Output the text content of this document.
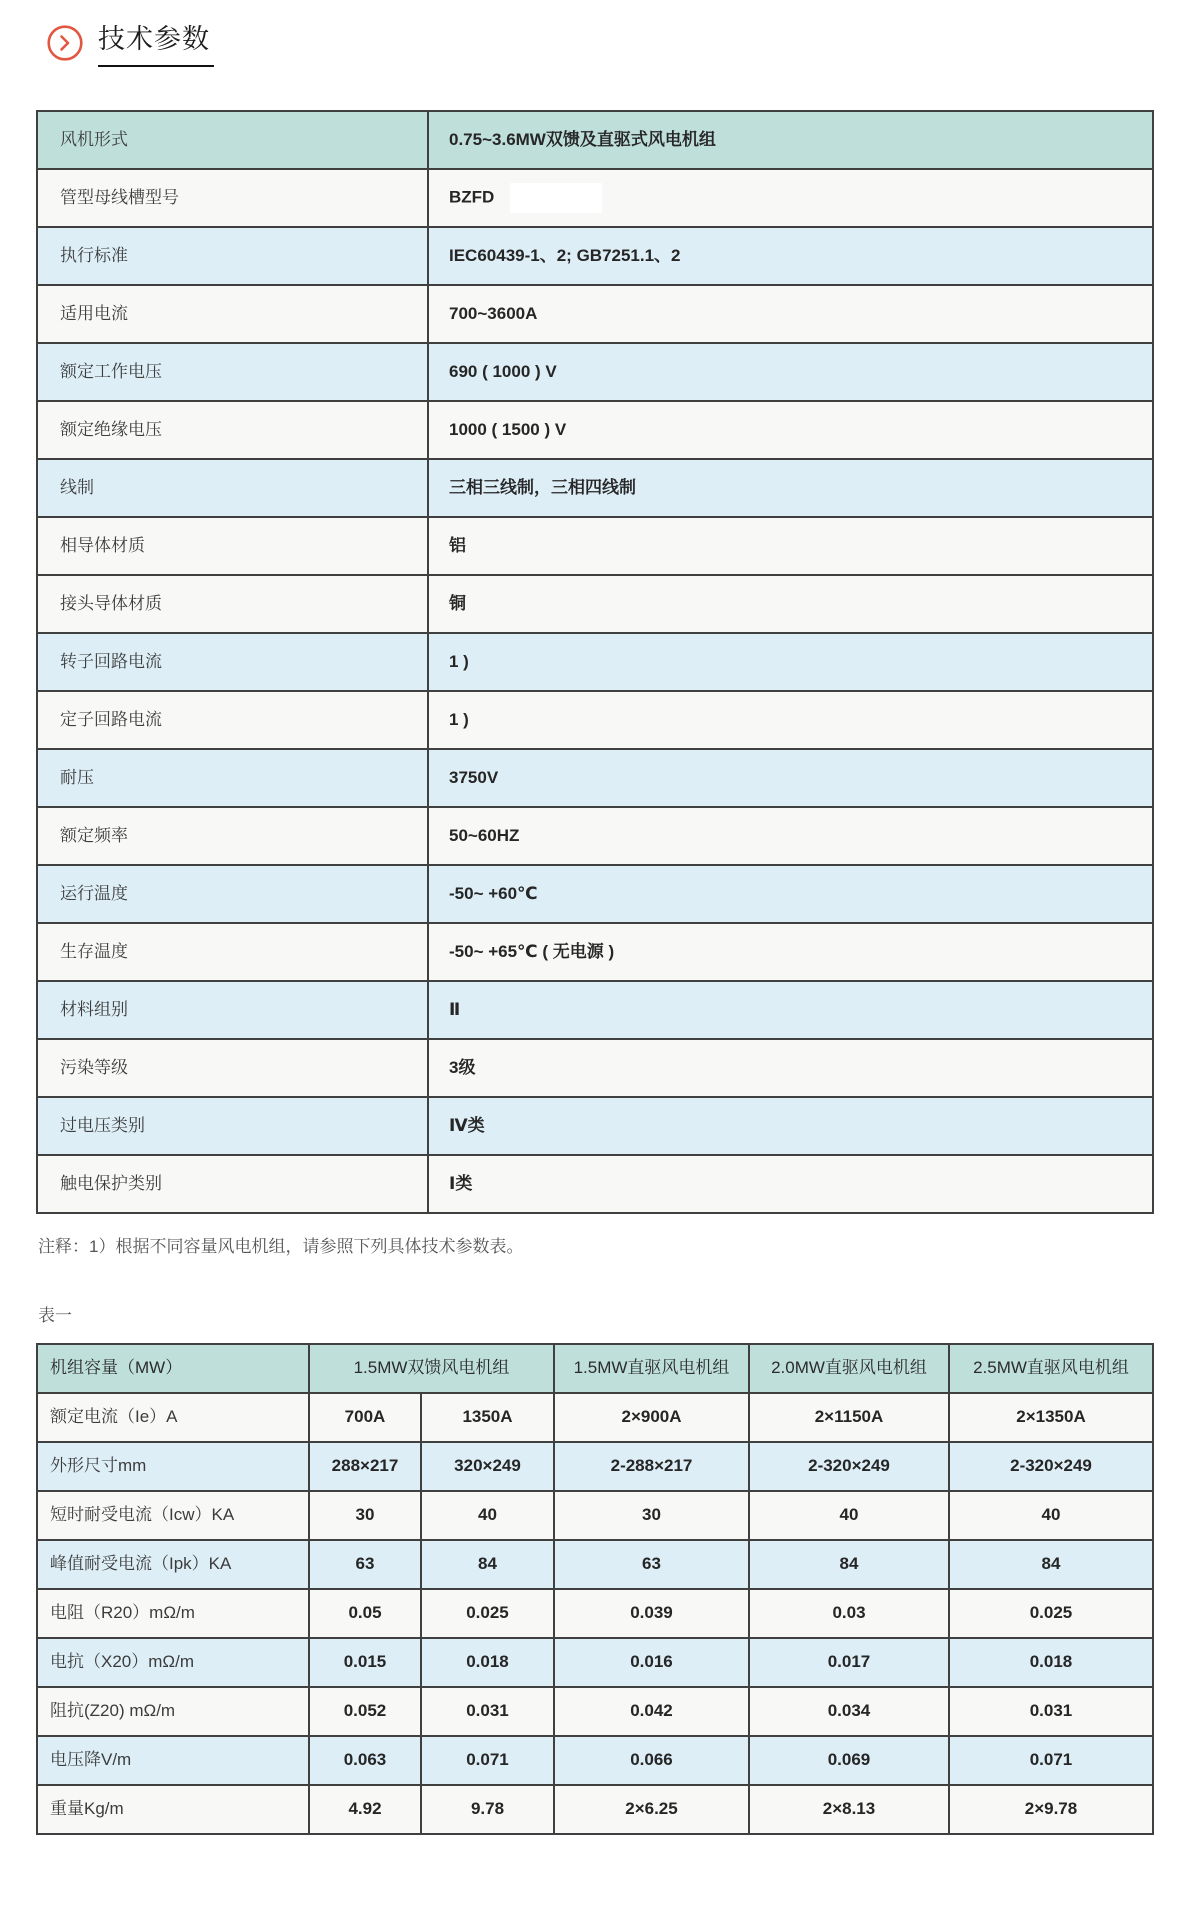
技术参数
风机形式	0.75~3.6MW双馈及直驱式风电机组
管型母线槽型号	BZFD
执行标准	IEC60439-1、2; GB7251.1、2
适用电流	700~3600A
额定工作电压	690 ( 1000 ) V
额定绝缘电压	1000 ( 1500 ) V
线制	三相三线制，三相四线制
相导体材质	铝
接头导体材质	铜
转子回路电流	1 )
定子回路电流	1 )
耐压	3750V
额定频率	50~60HZ
运行温度	-50~ +60℃
生存温度	-50~ +65℃ ( 无电源 )
材料组别	Ⅱ
污染等级	3级
过电压类别	Ⅳ类
触电保护类别	Ⅰ类

注释：1）根据不同容量风电机组，请参照下列具体技术参数表。

表一

机组容量（MW）	1.5MW双馈风电机组		1.5MW直驱风电机组	2.0MW直驱风电机组	2.5MW直驱风电机组
额定电流（Ie）A	700A	1350A	2×900A	2×1150A	2×1350A
外形尺寸mm	288×217	320×249	2-288×217	2-320×249	2-320×249
短时耐受电流（Icw）KA	30	40	30	40	40
峰值耐受电流（Ipk）KA	63	84	63	84	84
电阻（R20）mΩ/m	0.05	0.025	0.039	0.03	0.025
电抗（X20）mΩ/m	0.015	0.018	0.016	0.017	0.018
阻抗(Z20) mΩ/m	0.052	0.031	0.042	0.034	0.031
电压降V/m	0.063	0.071	0.066	0.069	0.071
重量Kg/m	4.92	9.78	2×6.25	2×8.13	2×9.78
